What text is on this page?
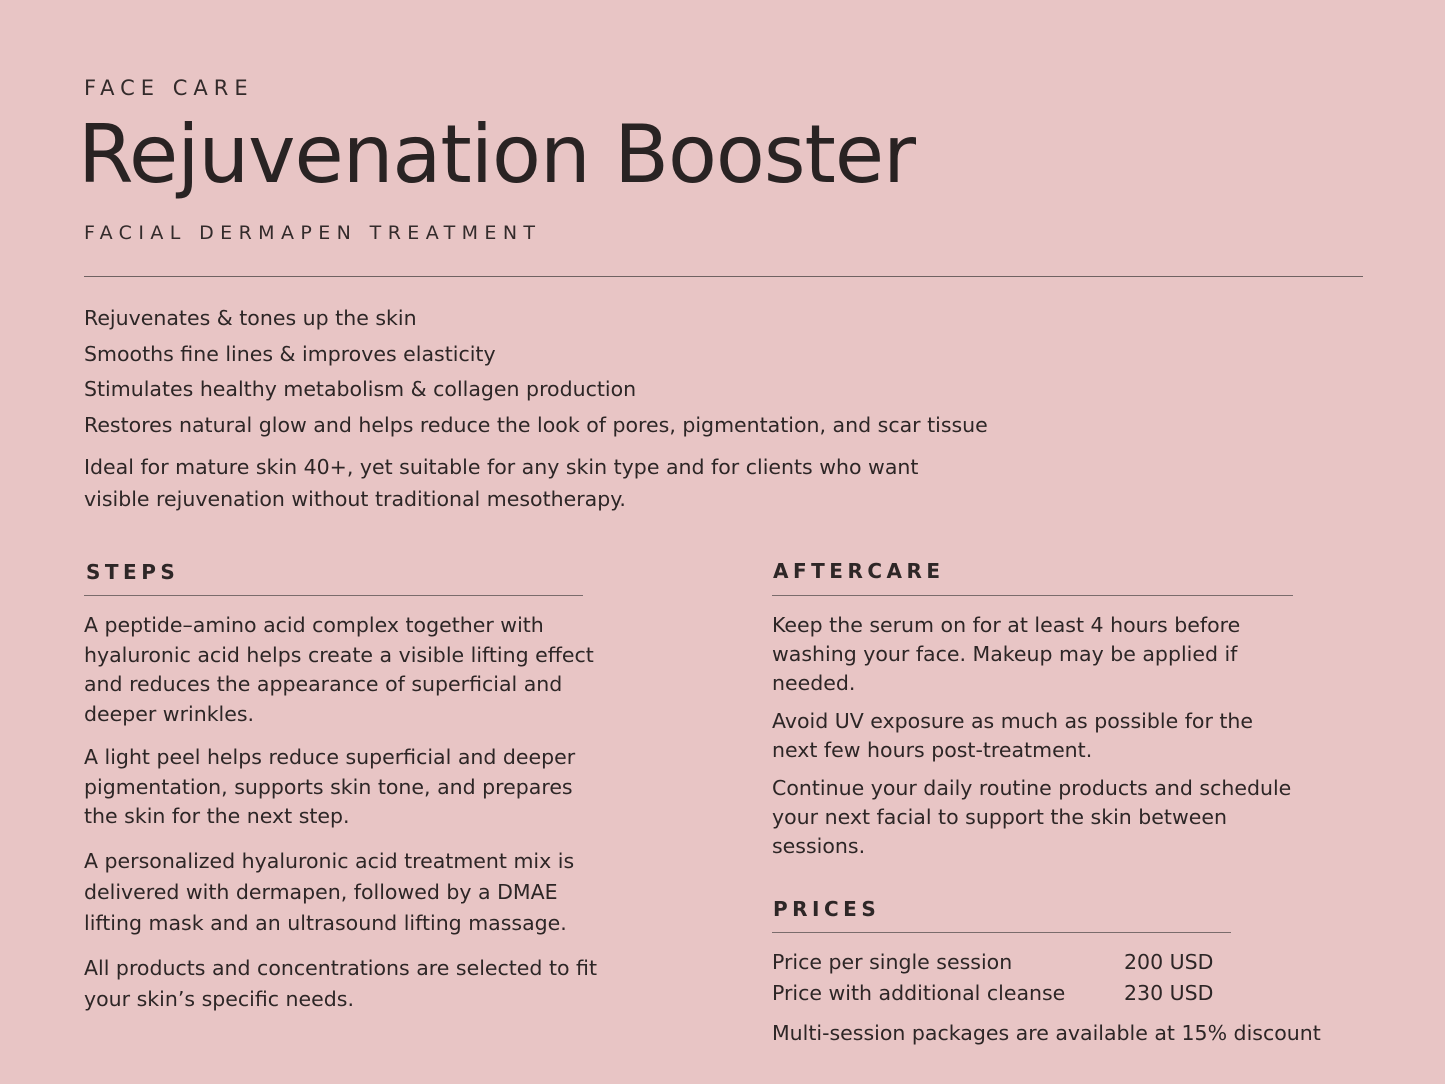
FACE CARE
Rejuvenation Booster
FACIAL DERMAPEN TREATMENT
Rejuvenates & tones up the skin
Smooths fine lines & improves elasticity
Stimulates healthy metabolism & collagen production
Restores natural glow and helps reduce the look of pores, pigmentation, and scar tissue

Ideal for mature skin 40+, yet suitable for any skin type and for clients who want visible rejuvenation without traditional mesotherapy.

STEPS

A peptide–amino acid complex together with hyaluronic acid helps create a visible lifting effect and reduces the appearance of superficial and deeper wrinkles.

A light peel helps reduce superficial and deeper pigmentation, supports skin tone, and prepares the skin for the next step.

A personalized hyaluronic acid treatment mix is delivered with dermapen, followed by a DMAE lifting mask and an ultrasound lifting massage.

All products and concentrations are selected to fit your skin’s specific needs.

AFTERCARE

Keep the serum on for at least 4 hours before washing your face. Makeup may be applied if needed.

Avoid UV exposure as much as possible for the next few hours post-treatment.

Continue your daily routine products and schedule your next facial to support the skin between sessions.

PRICES
Price per single session	200 USD
Price with additional cleanse	230 USD
Multi-session packages are available at 15% discount
